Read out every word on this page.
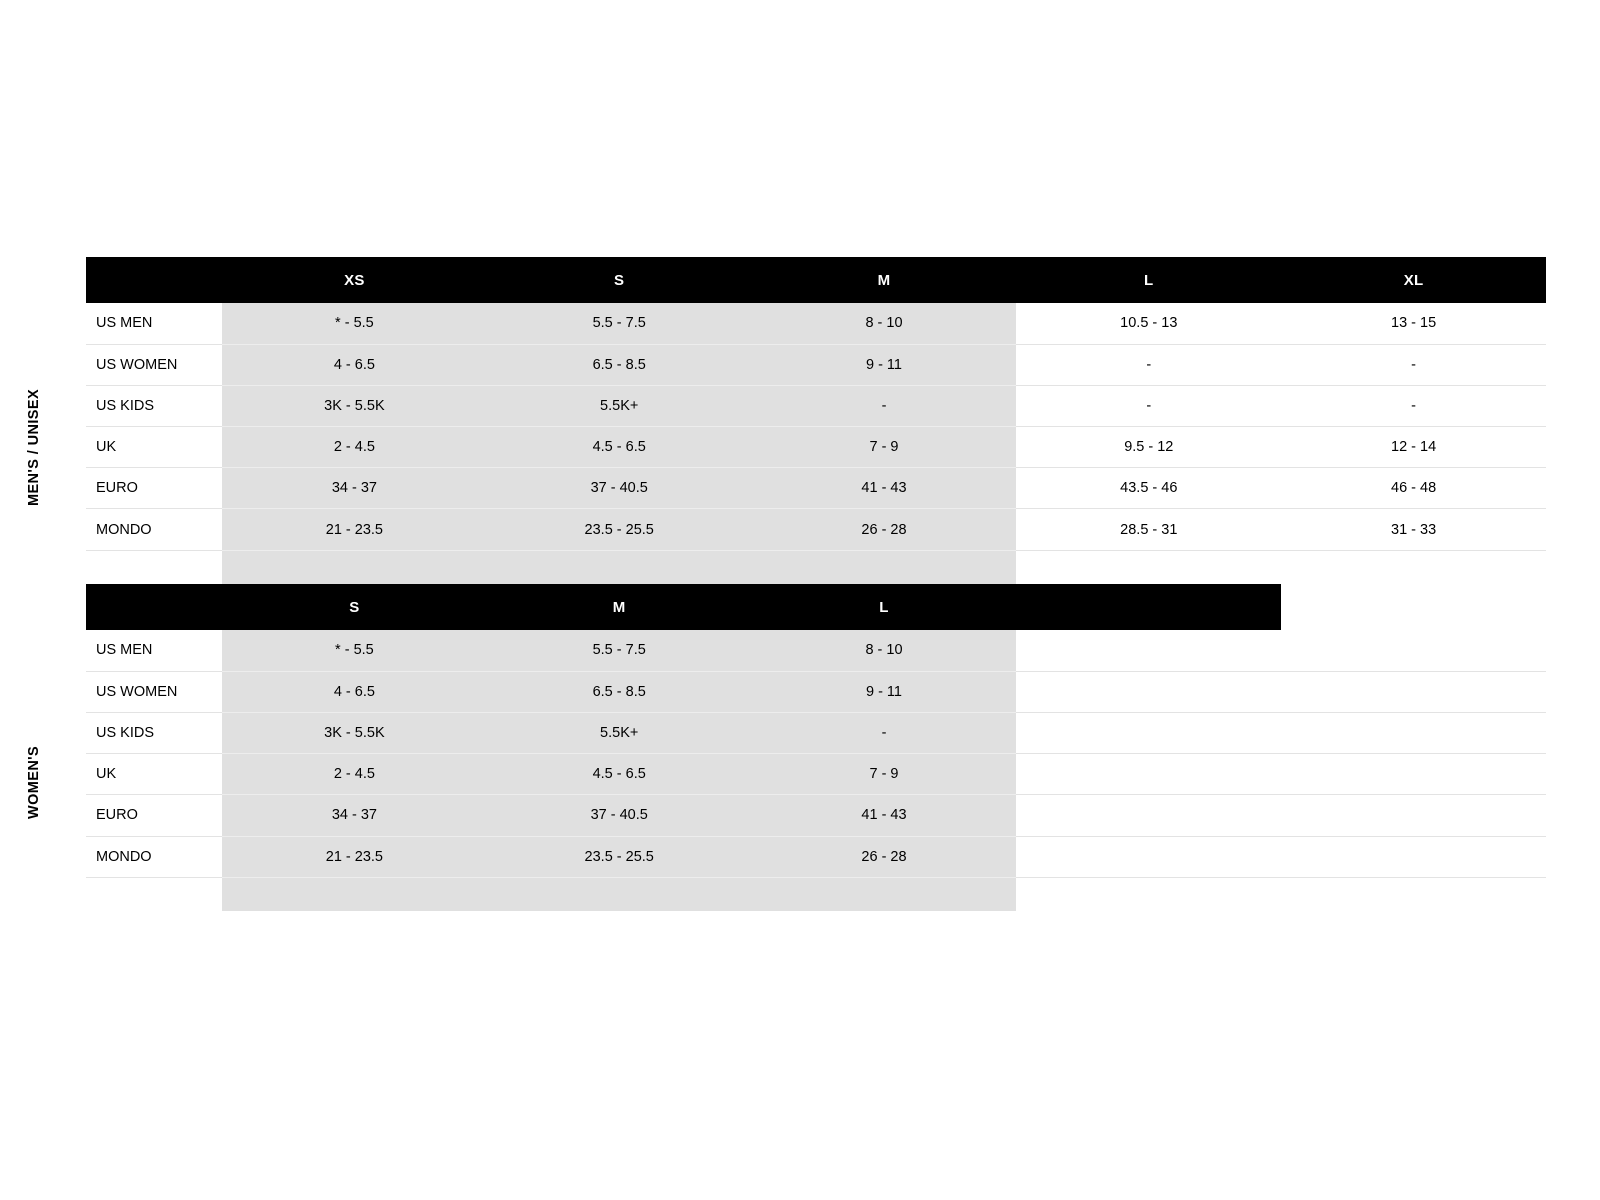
MEN'S / UNISEX
WOMEN'S
	XS	S	M	L	XL
US MEN	* - 5.5	5.5 - 7.5	8 - 10	10.5 - 13	13 - 15
US WOMEN	4 - 6.5	6.5 - 8.5	9 - 11	-	-
US KIDS	3K - 5.5K	5.5K+	-	-	-
UK	2 - 4.5	4.5 - 6.5	7 - 9	9.5 - 12	12 - 14
EURO	34 - 37	37 - 40.5	41 - 43	43.5 - 46	46 - 48
MONDO	21 - 23.5	23.5 - 25.5	26 - 28	28.5 - 31	31 - 33

	S	M	L		
US MEN	* - 5.5	5.5 - 7.5	8 - 10		
US WOMEN	4 - 6.5	6.5 - 8.5	9 - 11		
US KIDS	3K - 5.5K	5.5K+	-		
UK	2 - 4.5	4.5 - 6.5	7 - 9		
EURO	34 - 37	37 - 40.5	41 - 43		
MONDO	21 - 23.5	23.5 - 25.5	26 - 28		
